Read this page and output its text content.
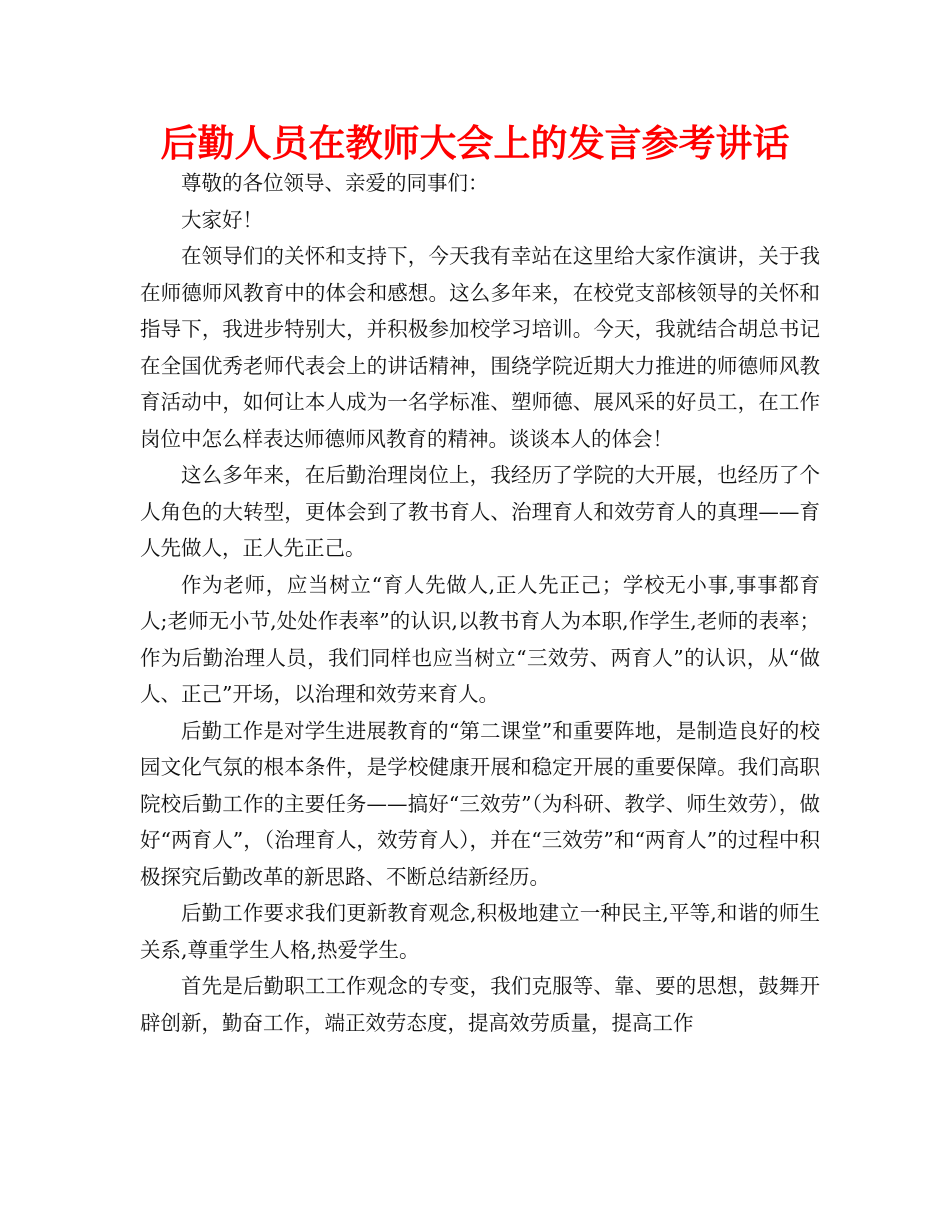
后勤人员在教师大会上的发言参考讲话

尊敬的各位领导、亲爱的同事们：

大家好！

在领导们的关怀和支持下，今天我有幸站在这里给大家作演讲，关于我在师德师风教育中的体会和感想。这么多年来，在校党支部核领导的关怀和指导下，我进步特别大，并积极参加校学习培训。今天，我就结合胡总书记在全国优秀老师代表会上的讲话精神，围绕学院近期大力推进的师德师风教育活动中，如何让本人成为一名学标准、塑师德、展风采的好员工，在工作岗位中怎么样表达师德师风教育的精神。谈谈本人的体会！

这么多年来，在后勤治理岗位上，我经历了学院的大开展，也经历了个人角色的大转型，更体会到了教书育人、治理育人和效劳育人的真理——育人先做人，正人先正己。

作为老师，应当树立“育人先做人,正人先正己；学校无小事,事事都育人;老师无小节,处处作表率”的认识,以教书育人为本职,作学生,老师的表率；作为后勤治理人员，我们同样也应当树立“三效劳、两育人”的认识，从“做人、正己”开场，以治理和效劳来育人。

后勤工作是对学生进展教育的“第二课堂”和重要阵地，是制造良好的校园文化气氛的根本条件，是学校健康开展和稳定开展的重要保障。我们高职院校后勤工作的主要任务——搞好“三效劳”（为科研、教学、师生效劳），做好“两育人”，（治理育人，效劳育人），并在“三效劳”和“两育人”的过程中积极探究后勤改革的新思路、不断总结新经历。

后勤工作要求我们更新教育观念,积极地建立一种民主,平等,和谐的师生关系,尊重学生人格,热爱学生。

首先是后勤职工工作观念的专变，我们克服等、靠、要的思想，鼓舞开辟创新，勤奋工作，端正效劳态度，提高效劳质量，提高工作
